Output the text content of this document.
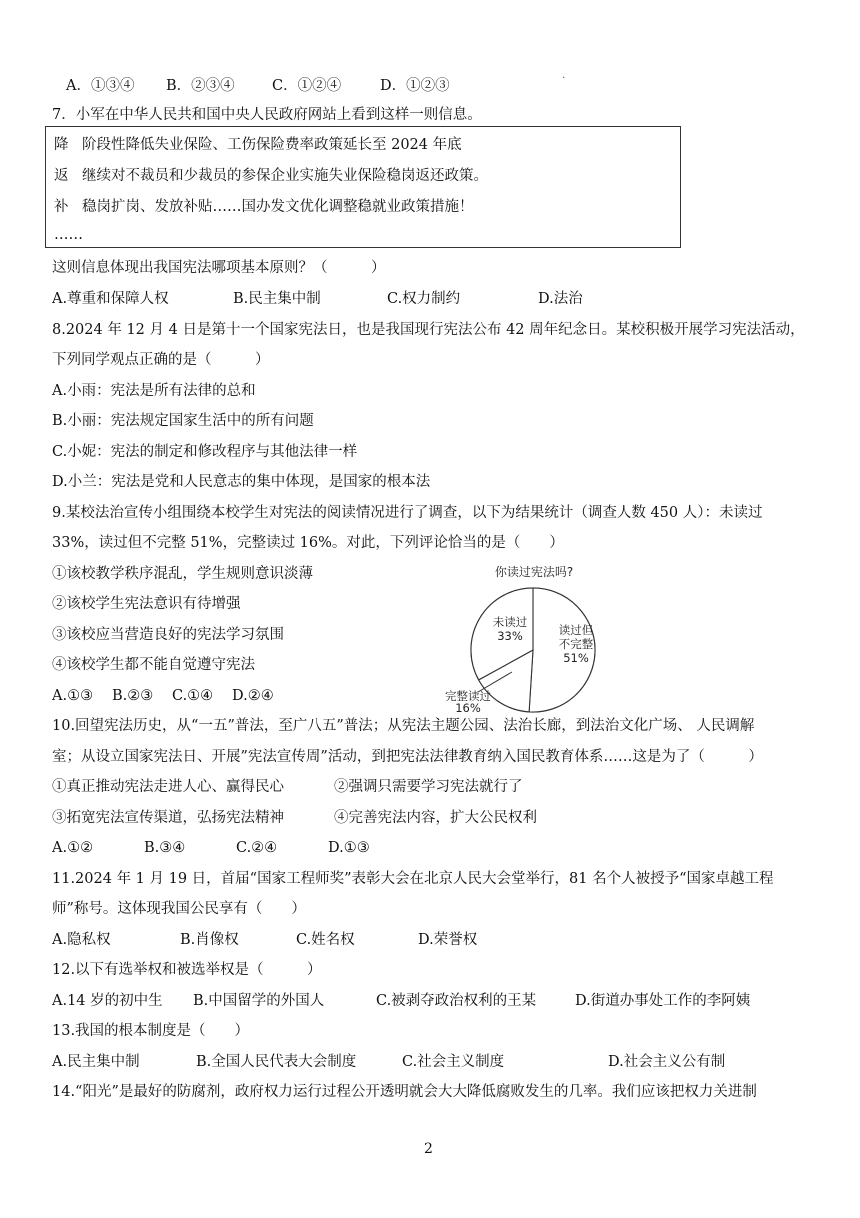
A．①③④ B．②③④	C．①②④	D．①②③
.
7．小军在中华人民共和国中央人民政府网站上看到这样一则信息。
降 阶段性降低失业保险、工伤保险费率政策延长至 2024 年底
返 继续对不裁员和少裁员的参保企业实施失业保险稳岗返还政策。
补 稳岗扩岗、发放补贴……国办发文优化调整稳就业政策措施！
……
这则信息体现出我国宪法哪项基本原则？（　　　）
A.尊重和保障人权	B.民主集中制	C.权力制约	D.法治
8.2024 年 12 月 4 日是第十一个国家宪法日，也是我国现行宪法公布 42 周年纪念日。某校积极开展学习宪法活动，
下列同学观点正确的是（　　　）
A.小雨：宪法是所有法律的总和
B.小丽：宪法规定国家生活中的所有问题
C.小妮：宪法的制定和修改程序与其他法律一样
D.小兰：宪法是党和人民意志的集中体现，是国家的根本法
9.某校法治宣传小组围绕本校学生对宪法的阅读情况进行了调查，以下为结果统计（调查人数 450 人）：未读过
33%，读过但不完整 51%，完整读过 16%。对此，下列评论恰当的是（　　）
①该校教学秩序混乱，学生规则意识淡薄
②该校学生宪法意识有待增强
③该校应当营造良好的宪法学习氛围
④该校学生都不能自觉遵守宪法
A.①③ B.②③ C.①④ D.②④
你读过宪法吗?
未读过 33%	读过但不完整 51%
完整读过 16%
10.回望宪法历史，从“一五”普法，至广八五”普法；从宪法主题公园、法治长廊，到法治文化广场、 人民调解
室；从设立国家宪法日、开展”宪法宣传周”活动，到把宪法法律教育纳入国民教育体系……这是为了（　　　）
①真正推动宪法走进人心、赢得民心	②强调只需要学习宪法就行了
③拓宽宪法宣传渠道，弘扬宪法精神	④完善宪法内容，扩大公民权利
A.①②	B.③④	C.②④	D.①③
11.2024 年 1 月 19 日，首届“国家工程师奖”表彰大会在北京人民大会堂举行，81 名个人被授予“国家卓越工程
师”称号。这体现我国公民享有（　　）
A.隐私权	B.肖像权	C.姓名权	D.荣誉权
12.以下有选举权和被选举权是（　　　）
A.14 岁的初中生 B.中国留学的外国人	C.被剥夺政治权利的王某	D.街道办事处工作的李阿姨
13.我国的根本制度是（　　）
A.民主集中制	B.全国人民代表大会制度	C.社会主义制度	D.社会主义公有制
14.“阳光”是最好的防腐剂，政府权力运行过程公开透明就会大大降低腐败发生的几率。我们应该把权力关进制
2
